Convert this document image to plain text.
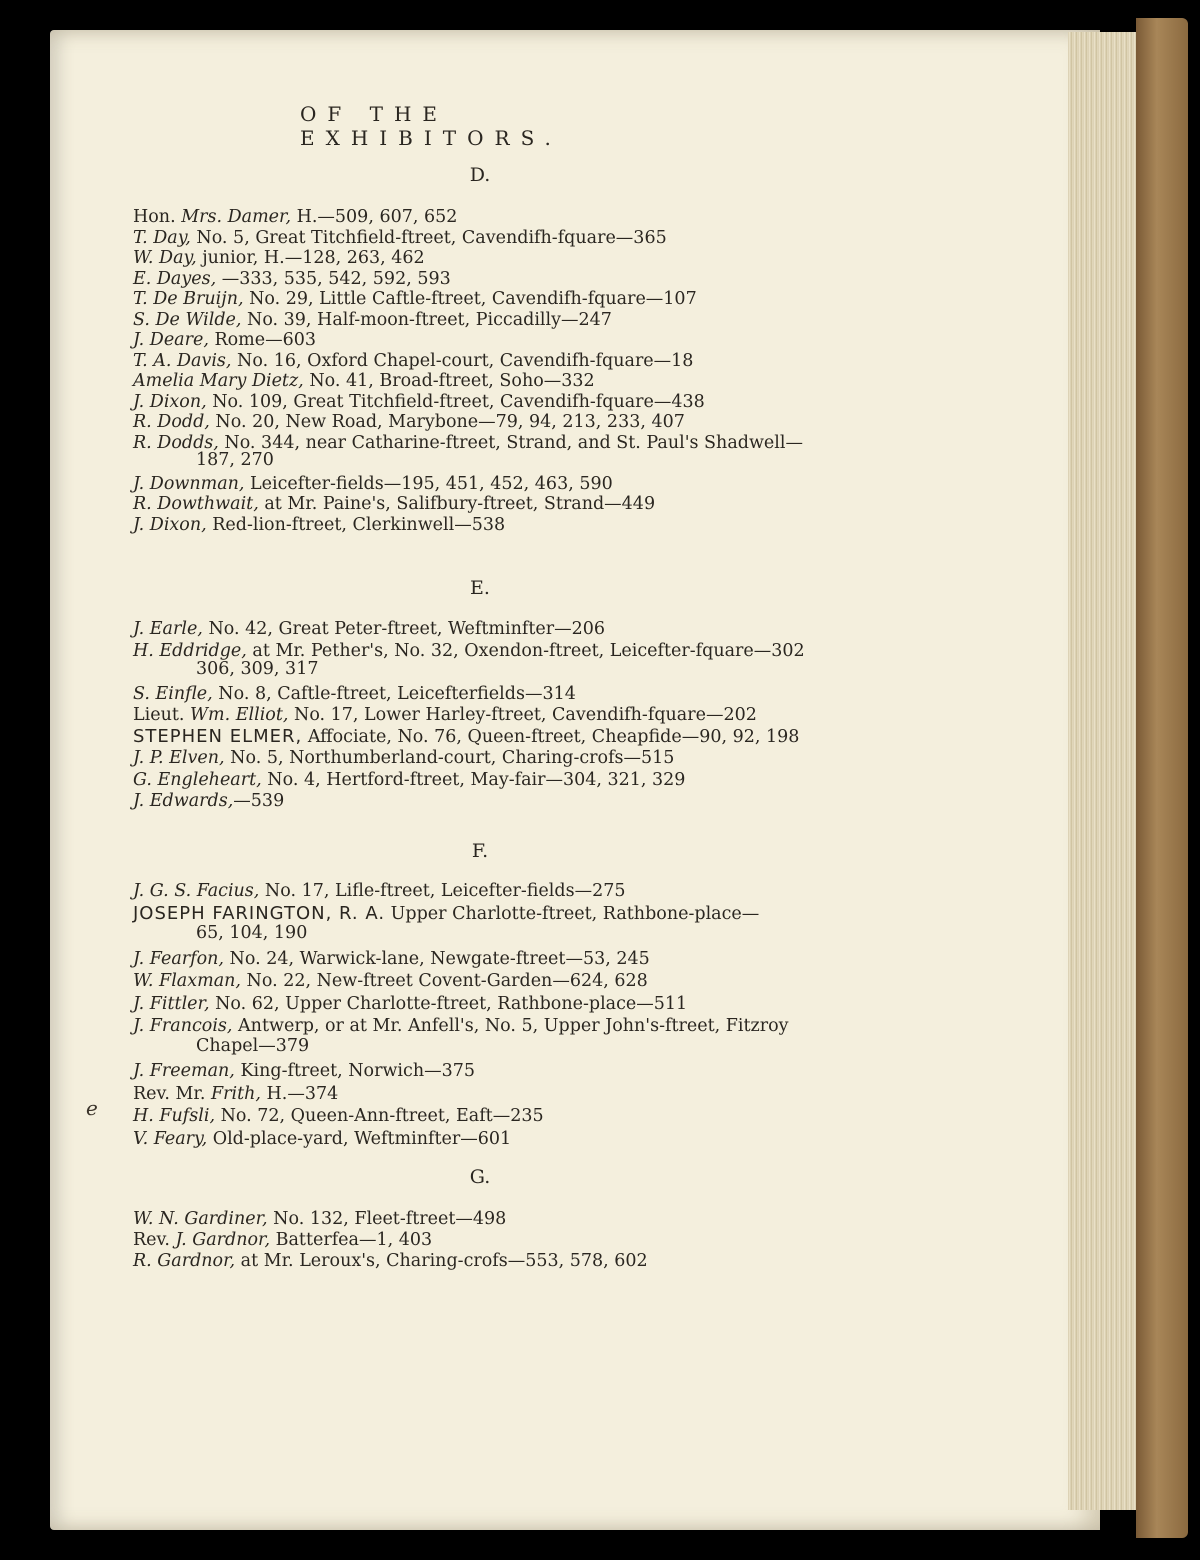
OF THE EXHIBITORS.
D.
Hon. Mrs. Damer, H.—509, 607, 652
T. Day, No. 5, Great Titchfield-ftreet, Cavendifh-fquare—365
W. Day, junior, H.—128, 263, 462
E. Dayes, —333, 535, 542, 592, 593
T. De Bruijn, No. 29, Little Caftle-ftreet, Cavendifh-fquare—107
S. De Wilde, No. 39, Half-moon-ftreet, Piccadilly—247
J. Deare, Rome—603
T. A. Davis, No. 16, Oxford Chapel-court, Cavendifh-fquare—18
Amelia Mary Dietz, No. 41, Broad-ftreet, Soho—332
J. Dixon, No. 109, Great Titchfield-ftreet, Cavendifh-fquare—438
R. Dodd, No. 20, New Road, Marybone—79, 94, 213, 233, 407
R. Dodds, No. 344, near Catharine-ftreet, Strand, and St. Paul's Shadwell—
187, 270
J. Downman, Leicefter-fields—195, 451, 452, 463, 590
R. Dowthwait, at Mr. Paine's, Salifbury-ftreet, Strand—449
J. Dixon, Red-lion-ftreet, Clerkinwell—538
E.
J. Earle, No. 42, Great Peter-ftreet, Weftminfter—206
H. Eddridge, at Mr. Pether's, No. 32, Oxendon-ftreet, Leicefter-fquare—302
306, 309, 317
S. Einfle, No. 8, Caftle-ftreet, Leicefterfields—314
Lieut. Wm. Elliot, No. 17, Lower Harley-ftreet, Cavendifh-fquare—202
STEPHEN ELMER, Affociate, No. 76, Queen-ftreet, Cheapfide—90, 92, 198
J. P. Elven, No. 5, Northumberland-court, Charing-crofs—515
G. Engleheart, No. 4, Hertford-ftreet, May-fair—304, 321, 329
J. Edwards,—539
F.
J. G. S. Facius, No. 17, Lifle-ftreet, Leicefter-fields—275
JOSEPH FARINGTON, R. A. Upper Charlotte-ftreet, Rathbone-place—
65, 104, 190
J. Fearfon, No. 24, Warwick-lane, Newgate-ftreet—53, 245
W. Flaxman, No. 22, New-ftreet Covent-Garden—624, 628
J. Fittler, No. 62, Upper Charlotte-ftreet, Rathbone-place—511
J. Francois, Antwerp, or at Mr. Anfell's, No. 5, Upper John's-ftreet, Fitzroy
Chapel—379
J. Freeman, King-ftreet, Norwich—375
Rev. Mr. Frith, H.—374
H. Fufsli, No. 72, Queen-Ann-ftreet, Eaft—235
V. Feary, Old-place-yard, Weftminfter—601
G.
W. N. Gardiner, No. 132, Fleet-ftreet—498
Rev. J. Gardnor, Batterfea—1, 403
R. Gardnor, at Mr. Leroux's, Charing-crofs—553, 578, 602
e
